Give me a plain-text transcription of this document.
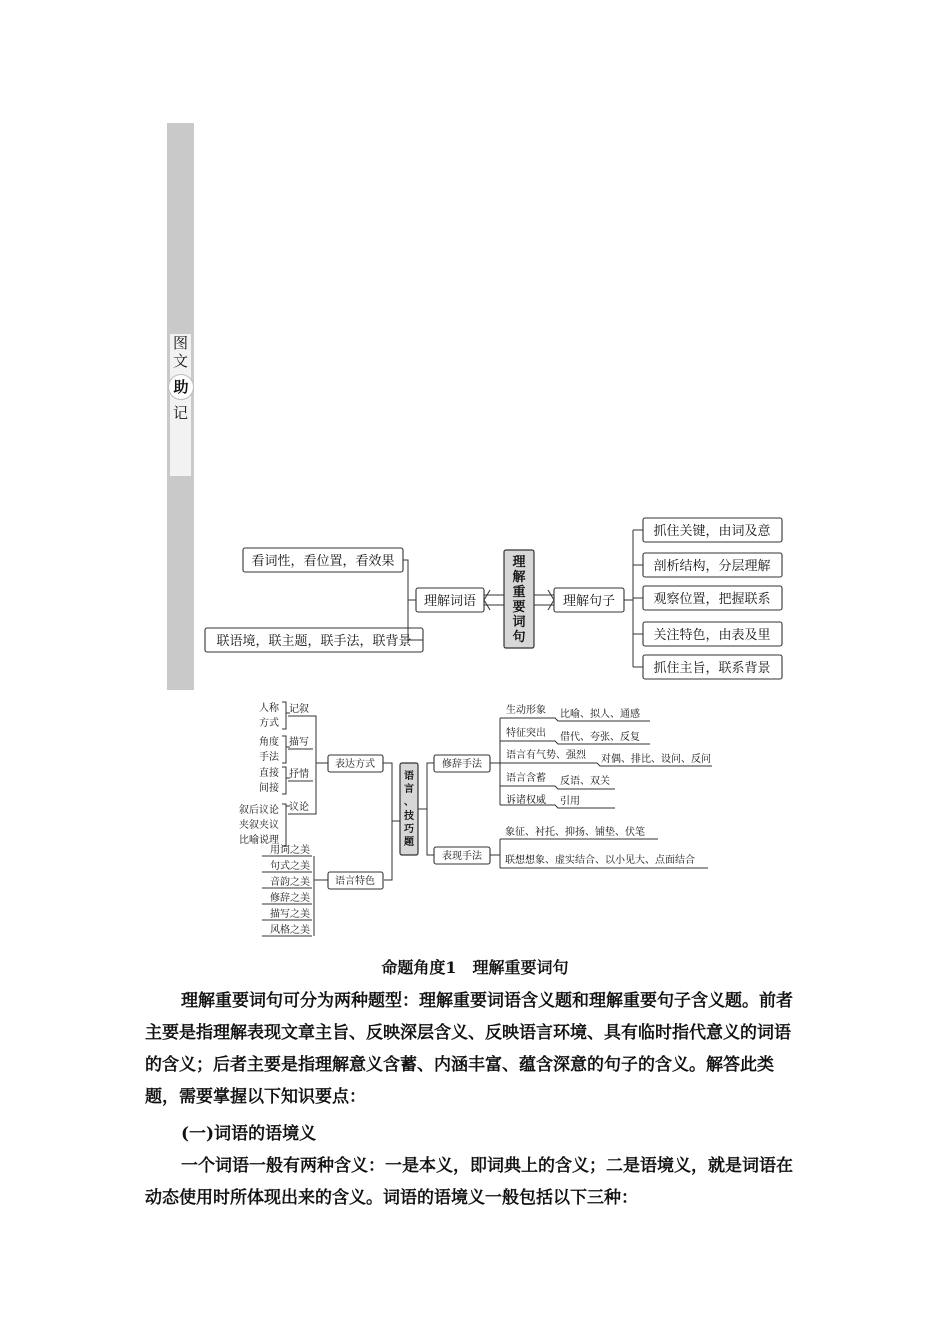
图
文
助
记
看词性，看位置，看效果
联语境，联主题，联手法，联背景
理解词语
理
解
重
要
词
句
理解句子
抓住关键，由词及意
剖析结构，分层理解
观察位置，把握联系
关注特色，由表及里
抓住主旨，联系背景
人称
方式
记叙
角度
手法
描写
直接
间接
抒情
叙后议论
夹叙夹议
比喻说理
议论
表达方式
用词之美
句式之美
音韵之美
修辞之美
描写之美
风格之美
语言特色
语
言
、
技
巧
题
修辞手法
生动形象 比喻、拟人、通感
特征突出 借代、夸张、反复
语言有气势、强烈 对偶、排比、设问、反问
语言含蓄 反语、双关
诉诸权威 引用
表现手法
象征、衬托、抑扬、铺垫、伏笔
联想想象、虚实结合、以小见大、点面结合
命题角度1　理解重要词句
理解重要词句可分为两种题型：理解重要词语含义题和理解重要句子含义题。前者主要是指理解表现文章主旨、反映深层含义、反映语言环境、具有临时指代意义的词语的含义；后者主要是指理解意义含蓄、内涵丰富、蕴含深意的句子的含义。解答此类题，需要掌握以下知识要点：
(一)词语的语境义
一个词语一般有两种含义：一是本义，即词典上的含义；二是语境义，就是词语在动态使用时所体现出来的含义。词语的语境义一般包括以下三种：
